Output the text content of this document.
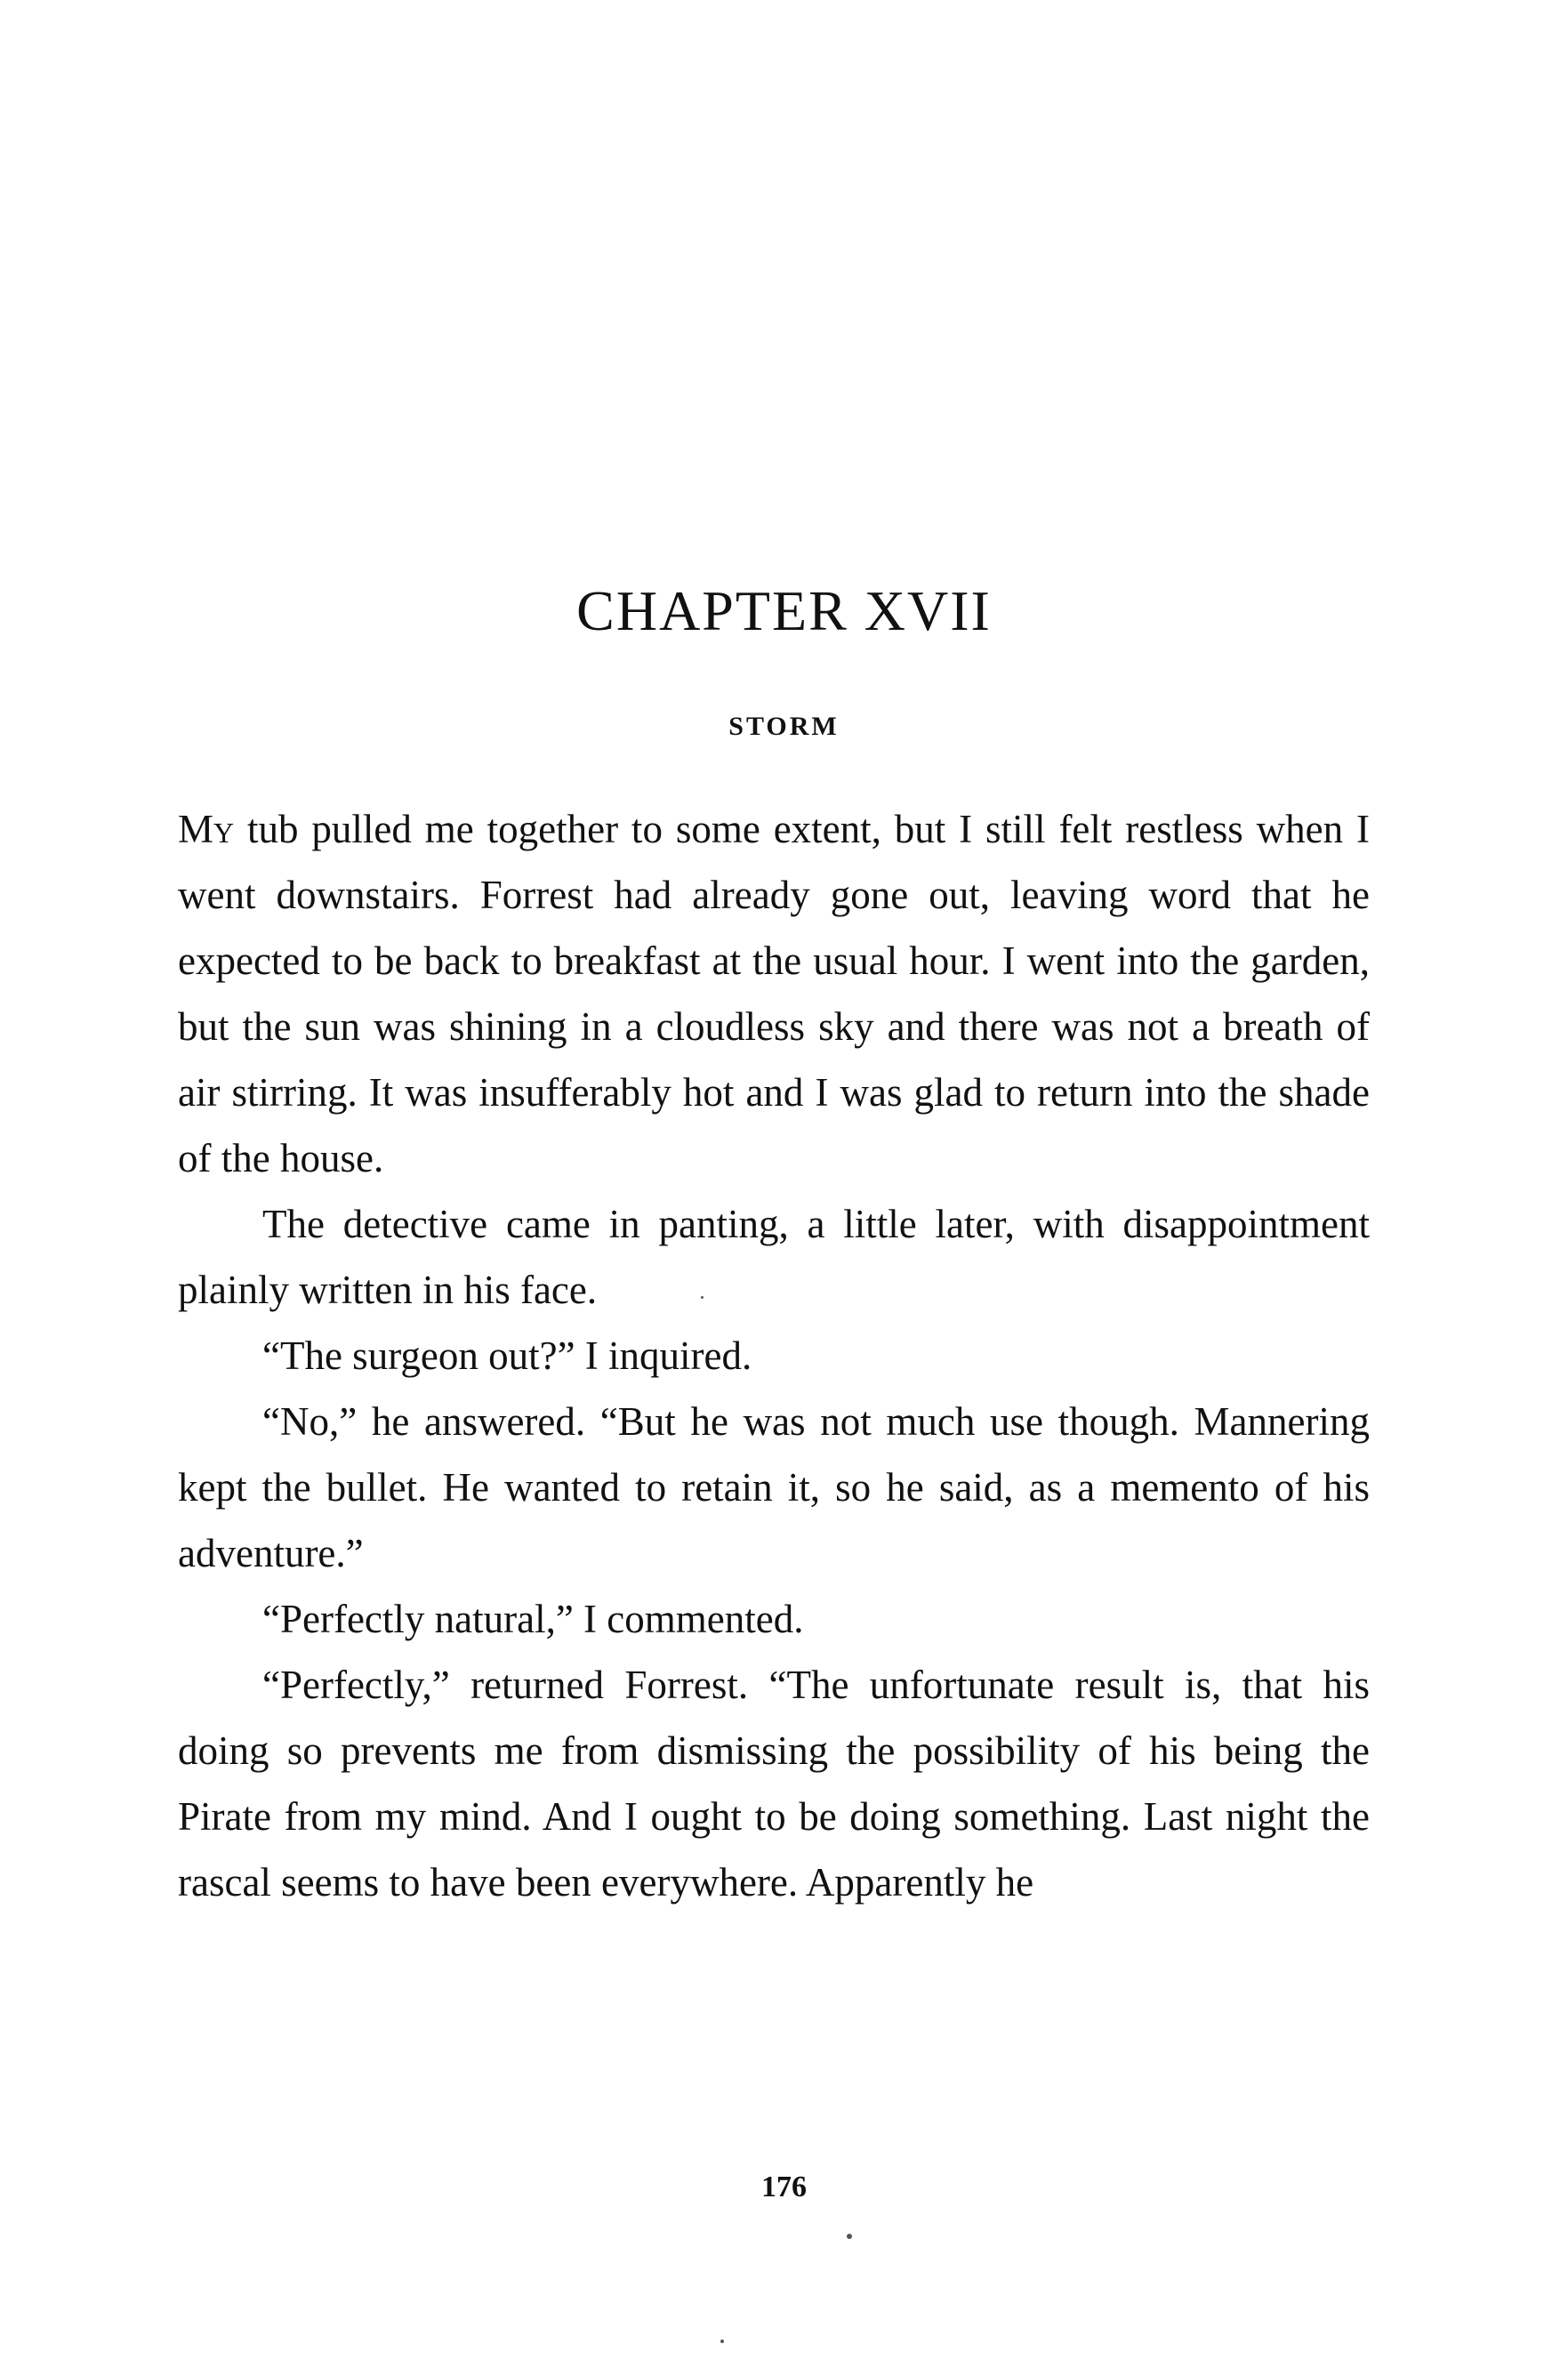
CHAPTER XVII
STORM

My tub pulled me together to some extent, but I still felt restless when I went downstairs. Forrest had already gone out, leaving word that he expected to be back to breakfast at the usual hour. I went into the garden, but the sun was shining in a cloudless sky and there was not a breath of air stirring. It was insufferably hot and I was glad to return into the shade of the house.

The detective came in panting, a little later, with disappointment plainly written in his face.

“The surgeon out?” I inquired.

“No,” he answered. “But he was not much use though. Mannering kept the bullet. He wanted to retain it, so he said, as a memento of his adventure.”

“Perfectly natural,” I commented.

“Perfectly,” returned Forrest. “The unfortunate result is, that his doing so prevents me from dismissing the possibility of his being the Pirate from my mind. And I ought to be doing something. Last night the rascal seems to have been everywhere. Apparently he

176
